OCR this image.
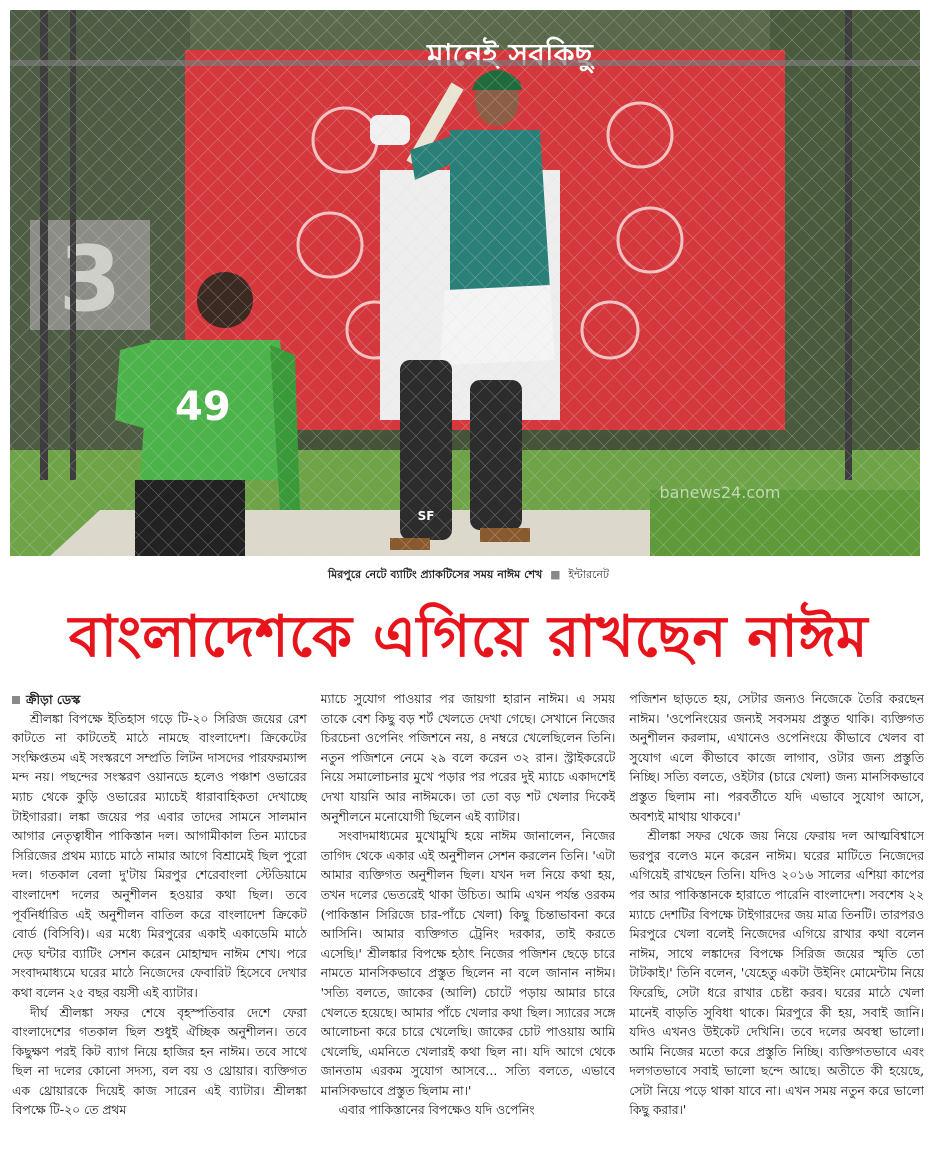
banews24.com
মিরপুরে নেটে ব্যাটিং প্র্যাকটিসের সময় নাঈম শেখ ■ ইন্টারনেট
বাংলাদেশকে এগিয়ে রাখছেন নাঈম
ক্রীড়া ডেস্ক

শ্রীলঙ্কা বিপক্ষে ইতিহাস গড়ে টি-২০ সিরিজ জয়ের রেশ কাটতে না কাটতেই মাঠে নামছে বাংলাদেশ। ক্রিকেটের সংক্ষিপ্ততম এই সংস্করণে সম্প্রতি লিটন দাসদের পারফরম্যান্স মন্দ নয়। পছন্দের সংস্করণ ওয়ানডে হলেও পঞ্চাশ ওভারের ম্যাচ থেকে কুড়ি ওভারের ম্যাচেই ধারাবাহিকতা দেখাচ্ছে টাইগাররা। লঙ্কা জয়ের পর এবার তাদের সামনে সালমান আগার নেতৃত্বাধীন পাকিস্তান দল। আগামীকাল তিন ম্যাচের সিরিজের প্রথম ম্যাচে মাঠে নামার আগে বিশ্রামেই ছিল পুরো দল। গতকাল বেলা দু'টায় মিরপুর শেরেবাংলা স্টেডিয়ামে বাংলাদেশ দলের অনুশীলন হওয়ার কথা ছিল। তবে পূর্বনির্ধারিত এই অনুশীলন বাতিল করে বাংলাদেশ ক্রিকেট বোর্ড (বিসিবি)। এর মধ্যে মিরপুরের একাই একাডেমি মাঠে দেড় ঘন্টার ব্যাটিং সেশন করেন মোহাম্মদ নাঈম শেখ। পরে সংবাদমাধ্যমে ঘরের মাঠে নিজেদের ফেবারিট হিসেবে দেখার কথা বলেন ২৫ বছর বয়সী এই ব্যাটার।

দীর্ঘ শ্রীলঙ্কা সফর শেষে বৃহস্পতিবার দেশে ফেরা বাংলাদেশের গতকাল ছিল শুধুই ঐচ্ছিক অনুশীলন। তবে কিছুক্ষণ পরই কিট ব্যাগ নিয়ে হাজির হন নাঈম। তবে সাথে ছিল না দলের কোনো সদস্য, বল বয় ও থ্রোয়ার। ব্যক্তিগত এক থ্রোয়ারকে দিয়েই কাজ সারেন এই ব্যাটার। শ্রীলঙ্কা বিপক্ষে টি-২০ তে প্রথম

ম্যাচে সুযোগ পাওয়ার পর জায়গা হারান নাঈম। এ সময় তাকে বেশ কিছু বড় শর্ট খেলতে দেখা গেছে। সেখানে নিজের চিরচেনা ওপেনিং পজিশনে নয়, ৪ নম্বরে খেলেছিলেন তিনি। নতুন পজিশনে নেমে ২৯ বলে করেন ৩২ রান। স্ট্রাইকরেটে নিয়ে সমালোচনার মুখে পড়ার পর পরের দুই ম্যাচে একাদশেই দেখা যায়নি আর নাঈমকে। তা তো বড় শট খেলার দিকেই অনুশীলনে মনোযোগী ছিলেন এই ব্যাটার।

সংবাদমাধ্যমের মুখোমুখি হয়ে নাঈম জানালেন, নিজের তাগিদ থেকে একার এই অনুশীলন সেশন করলেন তিনি। 'এটা আমার ব্যক্তিগত অনুশীলন ছিল। যখন দল নিয়ে কথা হয়, তখন দলের ভেতরেই থাকা উচিত। আমি এখন পর্যন্ত ওরকম (পাকিস্তান সিরিজে চার-পাঁচে খেলা) কিছু চিন্তাভাবনা করে আসিনি। আমার ব্যক্তিগত ট্রেনিং দরকার, তাই করতে এসেছি।' শ্রীলঙ্কার বিপক্ষে হঠাৎ নিজের পজিশন ছেড়ে চারে নামতে মানসিকভাবে প্রস্তুত ছিলেন না বলে জানান নাঈম। 'সত্যি বলতে, জাকের (আলি) চোটে পড়ায় আমার চারে খেলতে হয়েছে। আমার পাঁচে খেলার কথা ছিল। স্যারের সঙ্গে আলোচনা করে চারে খেলেছি। জাকের চোট পাওয়ায় আমি খেলেছি, এমনিতে খেলারই কথা ছিল না। যদি আগে থেকে জানতাম এরকম সুযোগ আসবে... সত্যি বলতে, এভাবে মানসিকভাবে প্রস্তুত ছিলাম না।'

এবার পাকিস্তানের বিপক্ষেও যদি ওপেনিং

পজিশন ছাড়তে হয়, সেটার জন্যও নিজেকে তৈরি করছেন নাঈম। 'ওপেনিংয়ের জন্যই সবসময় প্রস্তুত থাকি। ব্যক্তিগত অনুশীলন করলাম, এখানেও ওপেনিংয়ে কীভাবে খেলব বা সুযোগ এলে কীভাবে কাজে লাগাব, ওটার জন্য প্রস্তুতি নিচ্ছি। সত্যি বলতে, ওইটার (চারে খেলা) জন্য মানসিকভাবে প্রস্তুত ছিলাম না। পরবর্তীতে যদি এভাবে সুযোগ আসে, অবশ্যই মাথায় থাকবে।'

শ্রীলঙ্কা সফর থেকে জয় নিয়ে ফেরায় দল আত্মবিশ্বাসে ভরপুর বলেও মনে করেন নাঈম। ঘরের মাটিতে নিজেদের এগিয়েই রাখছেন তিনি। যদিও ২০১৬ সালের এশিয়া কাপের পর আর পাকিস্তানকে হারাতে পারেনি বাংলাদেশ। সবশেষ ২২ ম্যাচে দেশটির বিপক্ষে টাইগারদের জয় মাত্র তিনটি। তারপরও মিরপুরে খেলা বলেই নিজেদের এগিয়ে রাখার কথা বলেন নাঈম, সাথে লঙ্কাদের বিপক্ষে সিরিজ জয়ের স্মৃতি তো টাটকাই।' তিনি বলেন, 'যেহেতু একটা উইনিং মোমেন্টাম নিয়ে ফিরেছি, সেটা ধরে রাখার চেষ্টা করব। ঘরের মাঠে খেলা মানেই বাড়তি সুবিধা থাকে। মিরপুরে কী হয়, সবাই জানি। যদিও এখনও উইকেট দেখিনি। তবে দলের অবস্থা ভালো। আমি নিজের মতো করে প্রস্তুতি নিচ্ছি। ব্যক্তিগতভাবে এবং দলগতভাবে সবাই ভালো ছন্দে আছে। অতীতে কী হয়েছে, সেটা নিয়ে পড়ে থাকা যাবে না। এখন সময় নতুন করে ভালো কিছু করার।'
